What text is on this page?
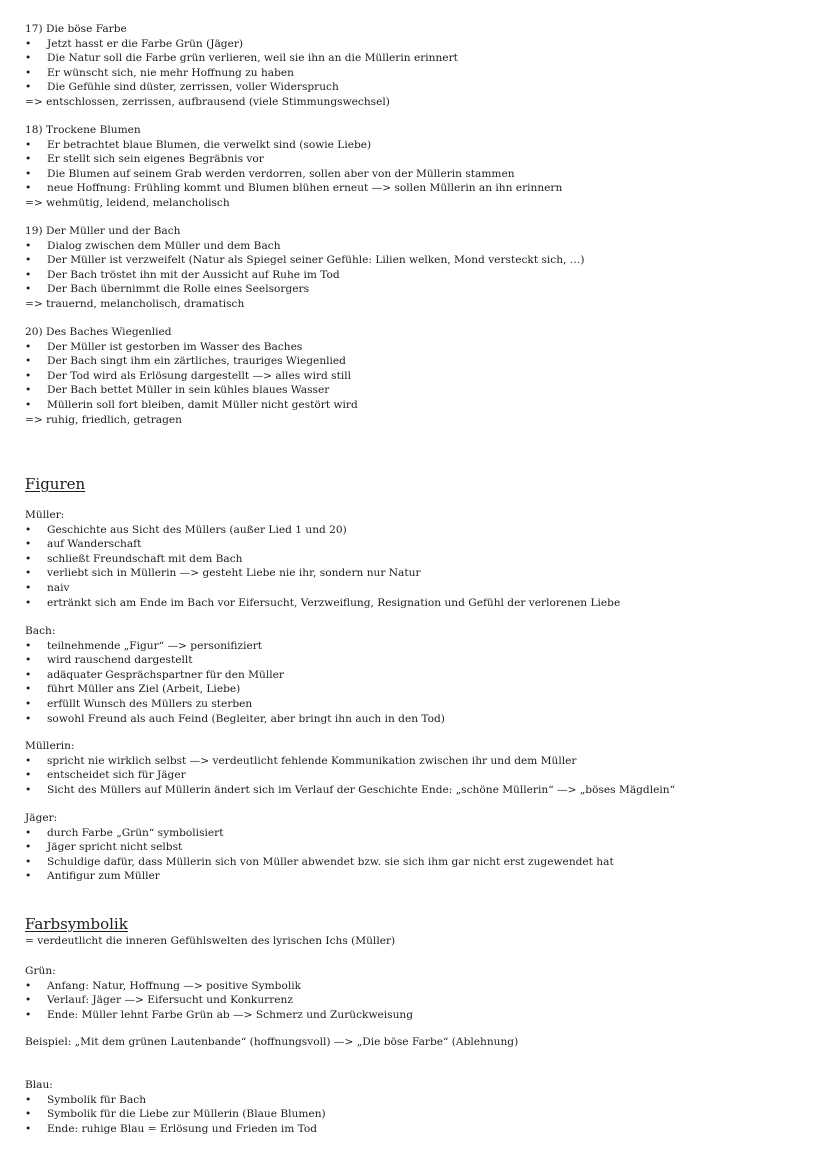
17) Die böse Farbe
• Jetzt hasst er die Farbe Grün (Jäger)
• Die Natur soll die Farbe grün verlieren, weil sie ihn an die Müllerin erinnert
• Er wünscht sich, nie mehr Hoffnung zu haben
• Die Gefühle sind düster, zerrissen, voller Widerspruch
=> entschlossen, zerrissen, aufbrausend (viele Stimmungswechsel)
18) Trockene Blumen
• Er betrachtet blaue Blumen, die verwelkt sind (sowie Liebe)
• Er stellt sich sein eigenes Begräbnis vor
• Die Blumen auf seinem Grab werden verdorren, sollen aber von der Müllerin stammen
• neue Hoffnung: Frühling kommt und Blumen blühen erneut —> sollen Müllerin an ihn erinnern
=> wehmütig, leidend, melancholisch
19) Der Müller und der Bach
• Dialog zwischen dem Müller und dem Bach
• Der Müller ist verzweifelt (Natur als Spiegel seiner Gefühle: Lilien welken, Mond versteckt sich, …)
• Der Bach tröstet ihn mit der Aussicht auf Ruhe im Tod
• Der Bach übernimmt die Rolle eines Seelsorgers
=> trauernd, melancholisch, dramatisch
20) Des Baches Wiegenlied
• Der Müller ist gestorben im Wasser des Baches
• Der Bach singt ihm ein zärtliches, trauriges Wiegenlied
• Der Tod wird als Erlösung dargestellt —> alles wird still
• Der Bach bettet Müller in sein kühles blaues Wasser
• Müllerin soll fort bleiben, damit Müller nicht gestört wird
=> ruhig, friedlich, getragen
Figuren
Müller:
• Geschichte aus Sicht des Müllers (außer Lied 1 und 20)
• auf Wanderschaft
• schließt Freundschaft mit dem Bach
• verliebt sich in Müllerin —> gesteht Liebe nie ihr, sondern nur Natur
• naiv
• ertränkt sich am Ende im Bach vor Eifersucht, Verzweiflung, Resignation und Gefühl der verlorenen Liebe
Bach:
• teilnehmende „Figur“ —> personifiziert
• wird rauschend dargestellt
• adäquater Gesprächspartner für den Müller
• führt Müller ans Ziel (Arbeit, Liebe)
• erfüllt Wunsch des Müllers zu sterben
• sowohl Freund als auch Feind (Begleiter, aber bringt ihn auch in den Tod)
Müllerin:
• spricht nie wirklich selbst —> verdeutlicht fehlende Kommunikation zwischen ihr und dem Müller
• entscheidet sich für Jäger
• Sicht des Müllers auf Müllerin ändert sich im Verlauf der Geschichte Ende: „schöne Müllerin“ —> „böses Mägdlein“
Jäger:
• durch Farbe „Grün“ symbolisiert
• Jäger spricht nicht selbst
• Schuldige dafür, dass Müllerin sich von Müller abwendet bzw. sie sich ihm gar nicht erst zugewendet hat
• Antifigur zum Müller
Farbsymbolik
= verdeutlicht die inneren Gefühlswelten des lyrischen Ichs (Müller)
Grün:
• Anfang: Natur, Hoffnung —> positive Symbolik
• Verlauf: Jäger —> Eifersucht und Konkurrenz
• Ende: Müller lehnt Farbe Grün ab —> Schmerz und Zurückweisung
Beispiel: „Mit dem grünen Lautenbande“ (hoffnungsvoll) —> „Die böse Farbe“ (Ablehnung)
Blau:
• Symbolik für Bach
• Symbolik für die Liebe zur Müllerin (Blaue Blumen)
• Ende: ruhige Blau = Erlösung und Frieden im Tod
